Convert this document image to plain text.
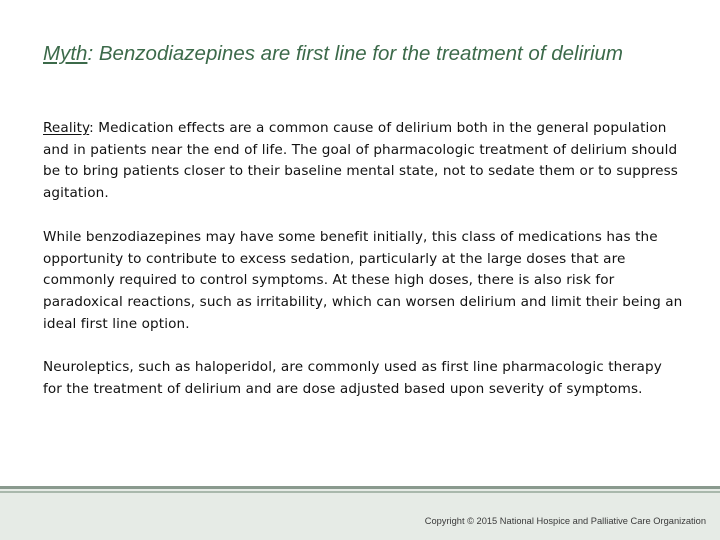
Myth: Benzodiazepines are first line for the treatment of delirium

Reality: Medication effects are a common cause of delirium both in the general population and in patients near the end of life. The goal of pharmacologic treatment of delirium should be to bring patients closer to their baseline mental state, not to sedate them or to suppress agitation.

While benzodiazepines may have some benefit initially, this class of medications has the opportunity to contribute to excess sedation, particularly at the large doses that are commonly required to control symptoms. At these high doses, there is also risk for paradoxical reactions, such as irritability, which can worsen delirium and limit their being an ideal first line option.

Neuroleptics, such as haloperidol, are commonly used as first line pharmacologic therapy for the treatment of delirium and are dose adjusted based upon severity of symptoms.

Copyright © 2015 National Hospice and Palliative Care Organization
